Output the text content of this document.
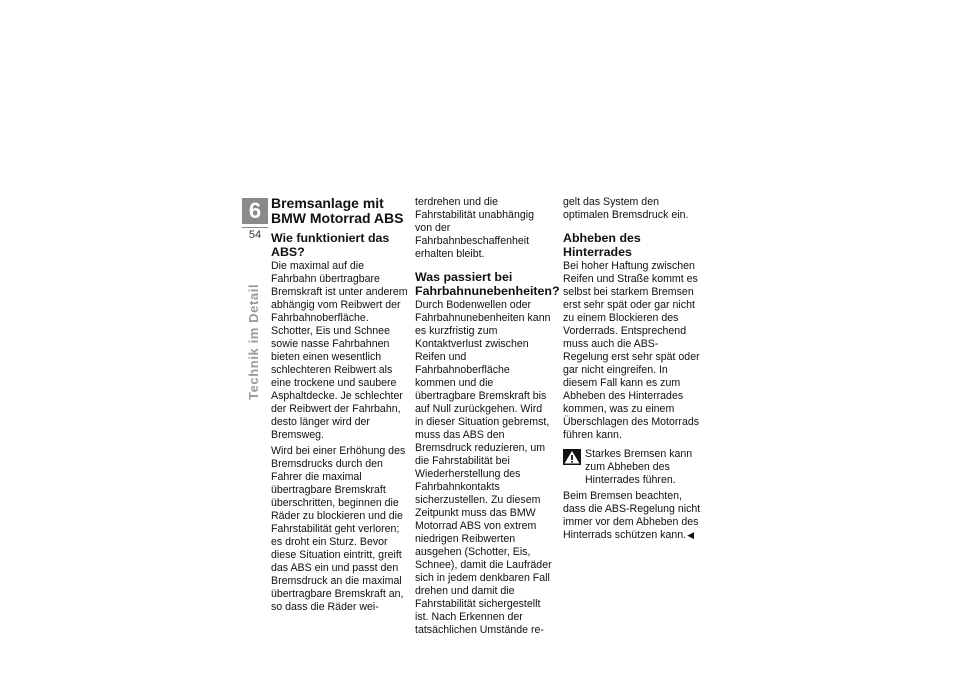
6
54
Technik im Detail
Bremsanlage mit BMW Motorrad ABS
Wie funktioniert das ABS?

Die maximal auf die Fahrbahn übertragbare Bremskraft ist unter anderem abhängig vom Reibwert der Fahrbahnoberfläche. Schotter, Eis und Schnee sowie nasse Fahrbahnen bieten einen wesentlich schlechteren Reibwert als eine trockene und saubere Asphaltdecke. Je schlechter der Reibwert der Fahrbahn, desto länger wird der Bremsweg.

Wird bei einer Erhöhung des Bremsdrucks durch den Fahrer die maximal übertragbare Bremskraft überschritten, beginnen die Räder zu blockieren und die Fahrstabilität geht verloren; es droht ein Sturz. Bevor diese Situation eintritt, greift das ABS ein und passt den Bremsdruck an die maximal übertragbare Bremskraft an, so dass die Räder wei-

terdrehen und die Fahrstabilität unabhängig von der Fahrbahnbeschaffenheit erhalten bleibt.

Was passiert bei Fahrbahnunebenheiten?

Durch Bodenwellen oder Fahrbahnunebenheiten kann es kurzfristig zum Kontaktverlust zwischen Reifen und Fahrbahnoberfläche kommen und die übertragbare Bremskraft bis auf Null zurückgehen. Wird in dieser Situation gebremst, muss das ABS den Bremsdruck reduzieren, um die Fahrstabilität bei Wiederherstellung des Fahrbahnkontakts sicherzustellen. Zu diesem Zeitpunkt muss das BMW Motorrad ABS von extrem niedrigen Reibwerten ausgehen (Schotter, Eis, Schnee), damit die Laufräder sich in jedem denkbaren Fall drehen und damit die Fahrstabilität sichergestellt ist. Nach Erkennen der tatsächlichen Umstände re-

gelt das System den optimalen Bremsdruck ein.

Abheben des Hinterrades

Bei hoher Haftung zwischen Reifen und Straße kommt es selbst bei starkem Bremsen erst sehr spät oder gar nicht zu einem Blockieren des Vorderrads. Entsprechend muss auch die ABS-Regelung erst sehr spät oder gar nicht eingreifen. In diesem Fall kann es zum Abheben des Hinterrades kommen, was zu einem Überschlagen des Motorrads führen kann.

Starkes Bremsen kann zum Abheben des Hinterrades führen.

Beim Bremsen beachten, dass die ABS-Regelung nicht immer vor dem Abheben des Hinterrads schützen kann.◀
